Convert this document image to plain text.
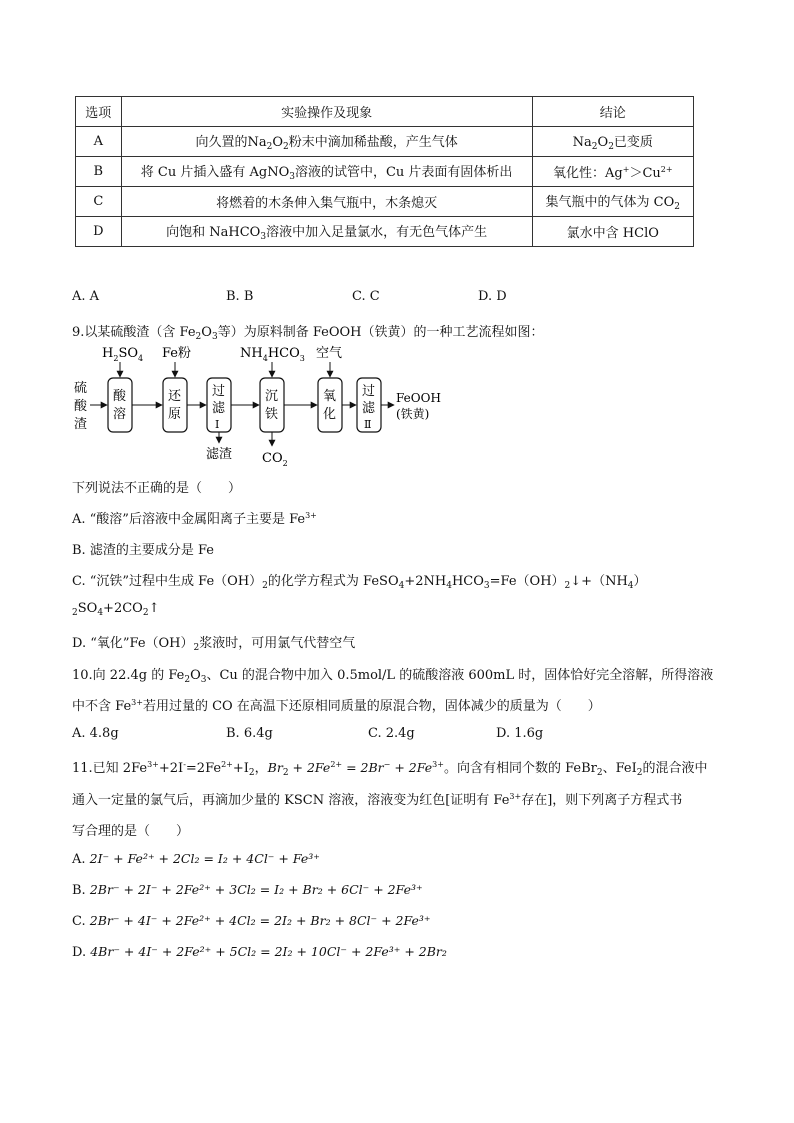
选项	实验操作及现象	结论
A	向久置的$Na_2O_2$粉末中滴加稀盐酸，产生气体	$Na_2O_2$已变质
B	将 Cu 片插入盛有 AgNO$_3$溶液的试管中，Cu 片表面有固体析出	氧化性：$Ag^+>Cu^{2+}$
C	将燃着的木条伸入集气瓶中，木条熄灭	集气瓶中的气体为 $CO_2$
D	向饱和 NaHCO$_3$溶液中加入足量氯水，有无色气体产生	氯水中含 HClO
A. A	B. B	C. C	D. D
9.以某硫酸渣（含 $Fe_2O_3$等）为原料制备 FeOOH（铁黄）的一种工艺流程如图：
硫
酸
渣
酸
溶
还
原
过
滤
Ⅰ
沉
铁
氧
化
过
滤
Ⅱ
$H_2SO_4$ Fe粉	$NH_4HCO_3$ 空气
滤渣 $CO_2$
FeOOH
(铁黄)
下列说法不正确的是（　　）
A. “酸溶”后溶液中金属阳离子主要是 $Fe^{3+}$
B. 滤渣的主要成分是 Fe
C. “沉铁”过程中生成 $Fe(OH)_2$的化学方程式为 $FeSO_4+2NH_4HCO_3=Fe(OH)_2↓+(NH_4)$
$_2SO_4+2CO_2↑$
D. “氧化$”Fe(OH)_2$浆液时，可用氯气代替空气
10.向 22.4g 的 $Fe_2O_3$、Cu 的混合物中加入 0.5mol/L 的硫酸溶液 600mL 时，固体恰好完全溶解，所得溶液
中不含 $Fe^{3+}$若用过量的 CO 在高温下还原相同质量的原混合物，固体减少的质量为（　　）
A. 4.8g	B. 6.4g	C. 2.4g	D. 1.6g
11.已知 $2Fe^{3+}+2I^-=2Fe^{2+}+I_2$，$Br_2 + 2Fe^{2+} = 2Br^- + 2Fe^{3+}$。向含有相同个数的 FeBr$_2$、FeI$_2$的混合液中
通入一定量的氯气后，再滴加少量的 KSCN 溶液，溶液变为红色[证明有 $Fe^{3+}$存在]，则下列离子方程式书
写合理的是（　　）
A. 2I⁻ + Fe²⁺ + 2Cl₂ = I₂ + 4Cl⁻ + Fe³⁺
B. 2Br⁻ + 2I⁻ + 2Fe²⁺ + 3Cl₂ = I₂ + Br₂ + 6Cl⁻ + 2Fe³⁺
C. 2Br⁻ + 4I⁻ + 2Fe²⁺ + 4Cl₂ = 2I₂ + Br₂ + 8Cl⁻ + 2Fe³⁺
D. 4Br⁻ + 4I⁻ + 2Fe²⁺ + 5Cl₂ = 2I₂ + 10Cl⁻ + 2Fe³⁺ + 2Br₂
